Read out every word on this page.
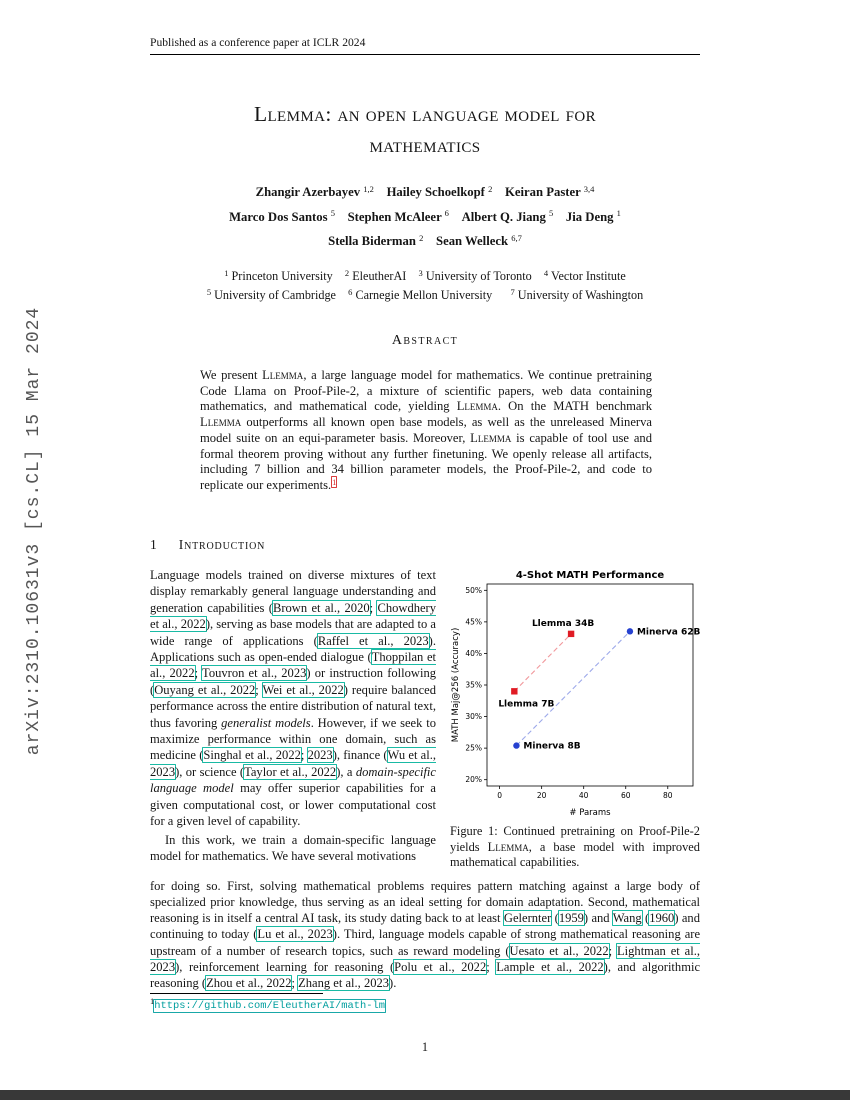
arXiv:2310.10631v3 [cs.CL] 15 Mar 2024
Published as a conference paper at ICLR 2024
Llemma: an open language model for
mathematics
Zhangir Azerbayev $^{1,2}$  Hailey Schoelkopf $^2$  Keiran Paster $^{3,4}$
Marco Dos Santos $^5$  Stephen McAleer $^6$  Albert Q. Jiang $^5$  Jia Deng $^1$
Stella Biderman $^2$  Sean Welleck $^{6,7}$
$^1$ Princeton University  $^2$ EleutherAI  $^3$ University of Toronto  $^4$ Vector Institute
$^5$ University of Cambridge $^6$ Carnegie Mellon University  $^7$ University of Washington
Abstract
We present Llemma, a large language model for mathematics. We continue pretraining Code Llama on Proof-Pile-2, a mixture of scientific papers, web data containing mathematics, and mathematical code, yielding Llemma. On the MATH benchmark Llemma outperforms all known open base models, as well as the unreleased Minerva model suite on an equi-parameter basis. Moreover, Llemma is capable of tool use and formal theorem proving without any further finetuning. We openly release all artifacts, including 7 billion and 34 billion parameter models, the Proof-Pile-2, and code to replicate our experiments.$^1$
1 Introduction

Language models trained on diverse mixtures of text display remarkably general language understanding and generation capabilities (Brown et al., 2020; Chowdhery et al., 2022), serving as base models that are adapted to a wide range of applications (Raffel et al., 2023). Applications such as open-ended dialogue (Thoppilan et al., 2022; Touvron et al., 2023) or instruction following (Ouyang et al., 2022; Wei et al., 2022) require balanced performance across the entire distribution of natural text, thus favoring generalist models. However, if we seek to maximize performance within one domain, such as medicine (Singhal et al., 2022; 2023), finance (Wu et al., 2023), or science (Taylor et al., 2022), a domain-specific language model may offer superior capabilities for a given computational cost, or lower computational cost for a given level of capability.

In this work, we train a domain-specific language model for mathematics. We have several motivations

4-Shot MATH Performance
20%
25%
30%
35%
40%
45%
50%
0	20	40	60	80
# Params
MATH Maj@256 (Accuracy)	Llemma 7B
Llemma 34B
Minerva 8B
Minerva 62B
Figure 1: Continued pretraining on Proof-Pile-2 yields Llemma, a base model with improved mathematical capabilities.

for doing so. First, solving mathematical problems requires pattern matching against a large body of specialized prior knowledge, thus serving as an ideal setting for domain adaptation. Second, mathematical reasoning is in itself a central AI task, its study dating back to at least Gelernter (1959) and Wang (1960) and continuing to today (Lu et al., 2023). Third, language models capable of strong mathematical reasoning are upstream of a number of research topics, such as reward modeling (Uesato et al., 2022; Lightman et al., 2023), reinforcement learning for reasoning (Polu et al., 2022; Lample et al., 2022), and algorithmic reasoning (Zhou et al., 2022; Zhang et al., 2023).

$^1$https://github.com/EleutherAI/math-lm
1
